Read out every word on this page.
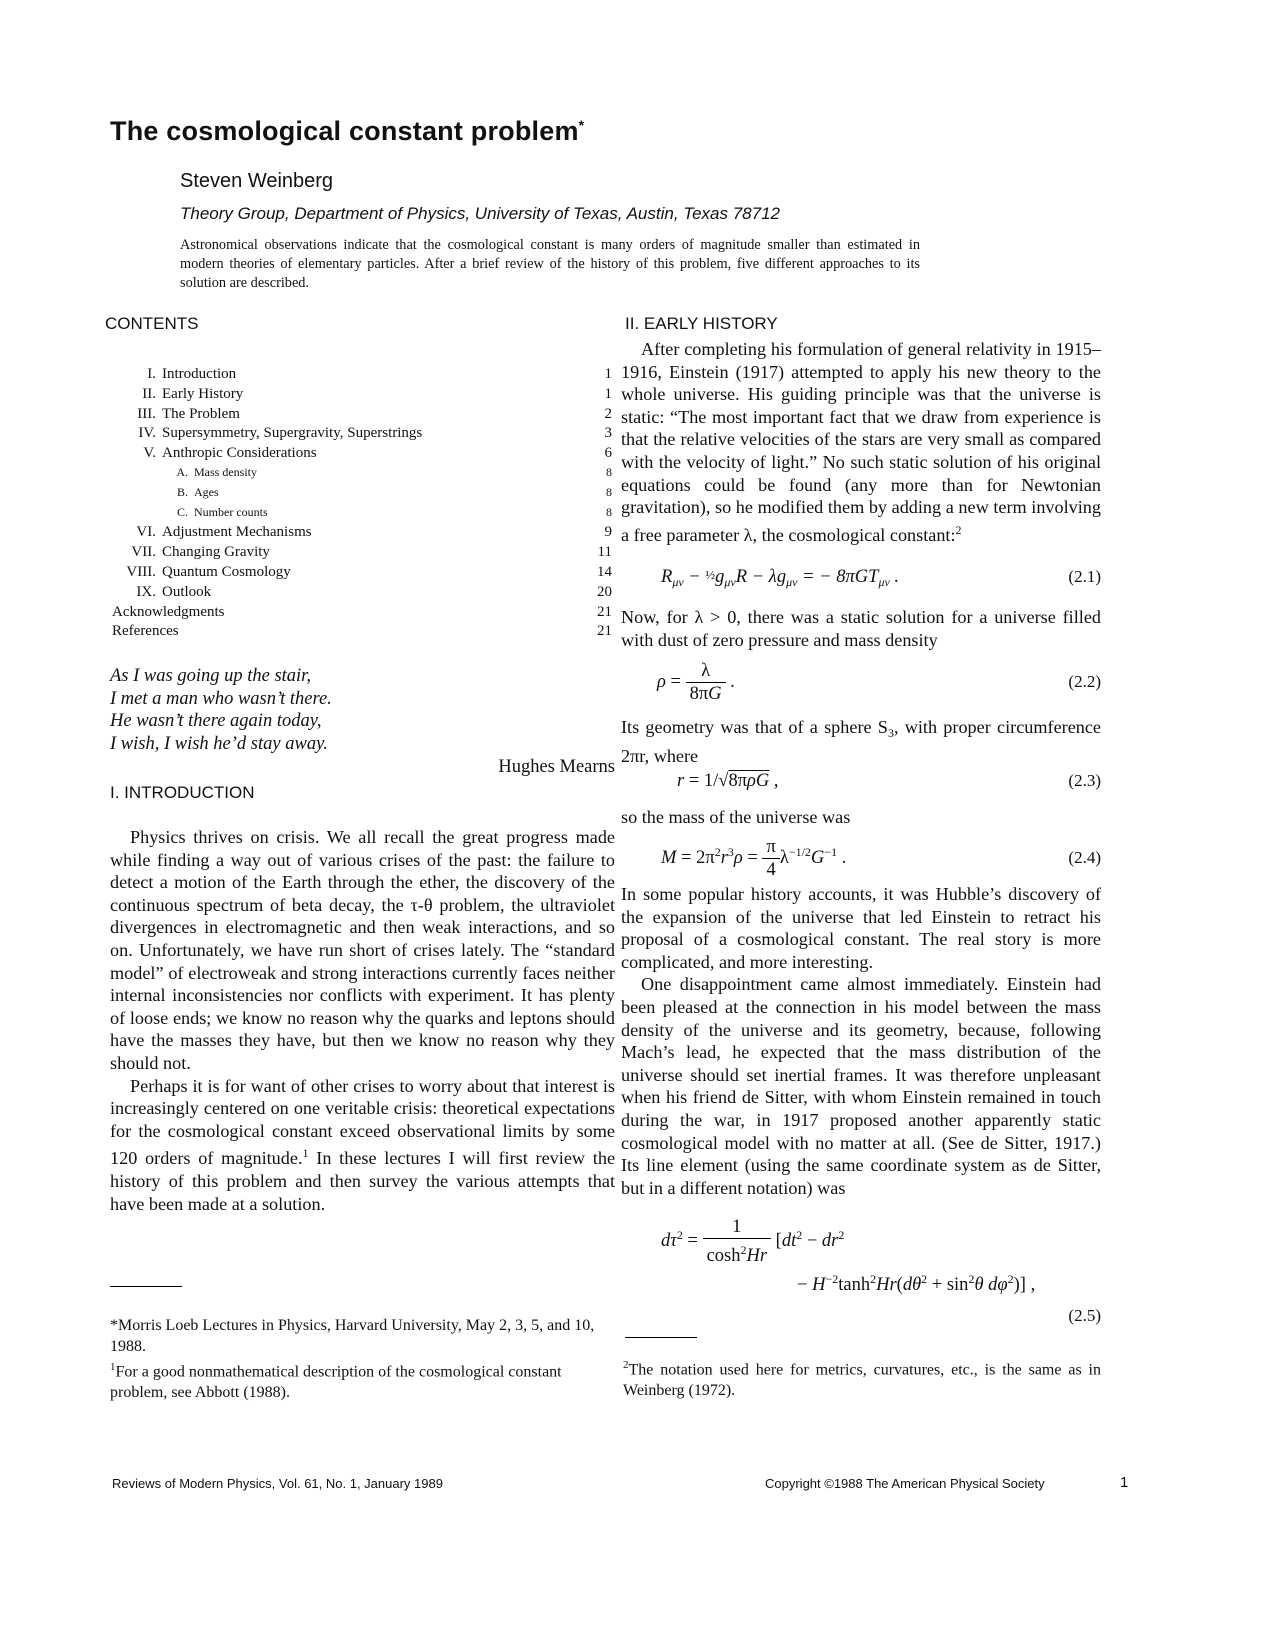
The cosmological constant problem*
Steven Weinberg
Theory Group, Department of Physics, University of Texas, Austin, Texas 78712
Astronomical observations indicate that the cosmological constant is many orders of magnitude smaller than estimated in modern theories of elementary particles. After a brief review of the history of this problem, five different approaches to its solution are described.
CONTENTS
I. Introduction	1
II. Early History	1
III. The Problem	2
IV. Supersymmetry, Supergravity, Superstrings	3
V. Anthropic Considerations	6
A. Mass density	8
B. Ages	8
C. Number counts	8
VI. Adjustment Mechanisms	9
VII. Changing Gravity	11
VIII. Quantum Cosmology	14
IX. Outlook	20
Acknowledgments	21
References	21
As I was going up the stair,
I met a man who wasn’t there.
He wasn’t there again today,
I wish, I wish he’d stay away.
Hughes Mearns
I. INTRODUCTION

Physics thrives on crisis. We all recall the great progress made while finding a way out of various crises of the past: the failure to detect a motion of the Earth through the ether, the discovery of the continuous spectrum of beta decay, the τ-θ problem, the ultraviolet divergences in electromagnetic and then weak interactions, and so on. Unfortunately, we have run short of crises lately. The “standard model” of electroweak and strong interactions currently faces neither internal inconsistencies nor conflicts with experiment. It has plenty of loose ends; we know no reason why the quarks and leptons should have the masses they have, but then we know no reason why they should not.

Perhaps it is for want of other crises to worry about that interest is increasingly centered on one veritable crisis: theoretical expectations for the cosmological constant exceed observational limits by some 120 orders of magnitude.$^1$ In these lectures I will first review the history of this problem and then survey the various attempts that have been made at a solution.

*Morris Loeb Lectures in Physics, Harvard University, May 2, 3, 5, and 10, 1988.

$^1$For a good nonmathematical description of the cosmological constant problem, see Abbott (1988).

II. EARLY HISTORY

After completing his formulation of general relativity in 1915–1916, Einstein (1917) attempted to apply his new theory to the whole universe. His guiding principle was that the universe is static: “The most important fact that we draw from experience is that the relative velocities of the stars are very small as compared with the velocity of light.” No such static solution of his original equations could be found (any more than for Newtonian gravitation), so he modified them by adding a new term involving a free parameter λ, the cosmological constant:$^2$

$R_{\mu\nu}$ − $\frac{1}{2}g_{\mu\nu}R - \lambda g_{\mu\nu}$ = − 8πGT$_{\mu\nu}$ .	(2.1)

Now, for λ > 0, there was a static solution for a universe filled with dust of zero pressure and mass density

$\rho = \frac{\lambda}{8\pi G}$ .	(2.2)

Its geometry was that of a sphere $S_3$, with proper circumference 2πr, where

r = 1/√8πρG ,	(2.3)

so the mass of the universe was

$M = 2\pi^2r^3\rho = \frac{\pi}{4} \lambda^{-1/2}G^{-1}$ .	(2.4)

In some popular history accounts, it was Hubble’s discovery of the expansion of the universe that led Einstein to retract his proposal of a cosmological constant. The real story is more complicated, and more interesting.

One disappointment came almost immediately. Einstein had been pleased at the connection in his model between the mass density of the universe and its geometry, because, following Mach’s lead, he expected that the mass distribution of the universe should set inertial frames. It was therefore unpleasant when his friend de Sitter, with whom Einstein remained in touch during the war, in 1917 proposed another apparently static cosmological model with no matter at all. (See de Sitter, 1917.) Its line element (using the same coordinate system as de Sitter, but in a different notation) was

$d\tau^2 = \frac{1}{\cosh^2Hr} [dt^2 - dr^2$
− $H^{-2}\tanh^2Hr(d\theta^2 + \sin^2\theta$ $d\varphi^2$)] ,
(2.5)

$^2$The notation used here for metrics, curvatures, etc., is the same as in Weinberg (1972).

Reviews of Modern Physics, Vol. 61, No. 1, January 1989	Copyright ©1988 The American Physical Society	1
